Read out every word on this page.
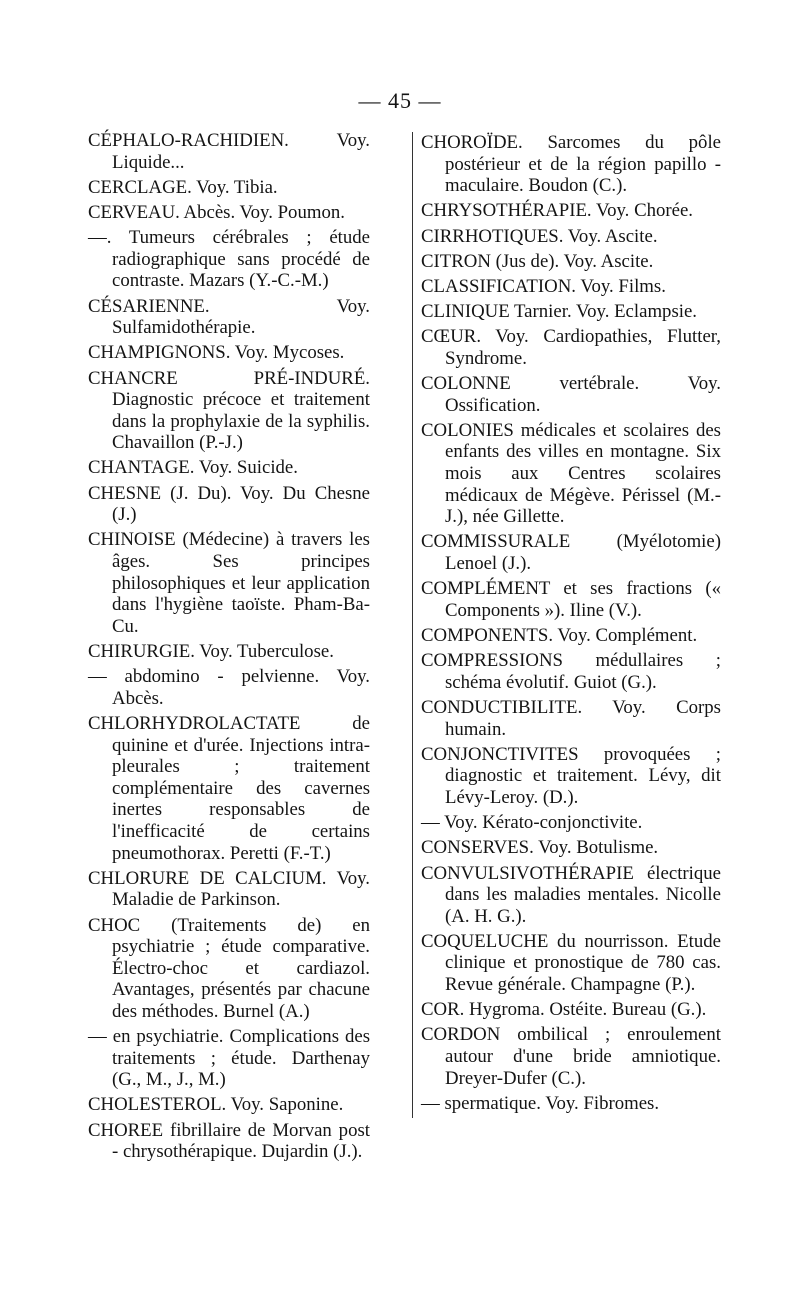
— 45 —

CÉPHALO-RACHIDIEN. Voy. Liquide...

CERCLAGE. Voy. Tibia.

CERVEAU. Abcès. Voy. Poumon.

—. Tumeurs cérébrales ; étude radiographique sans procédé de contraste. Mazars (Y.-C.-M.)

CÉSARIENNE. Voy. Sulfamidothérapie.

CHAMPIGNONS. Voy. Mycoses.

CHANCRE PRÉ-INDURÉ. Diagnostic précoce et traitement dans la prophylaxie de la syphilis. Chavaillon (P.-J.)

CHANTAGE. Voy. Suicide.

CHESNE (J. Du). Voy. Du Chesne (J.)

CHINOISE (Médecine) à travers les âges. Ses principes philosophiques et leur application dans l'hygiène taoïste. Pham-Ba-Cu.

CHIRURGIE. Voy. Tuberculose.

— abdomino - pelvienne. Voy. Abcès.

CHLORHYDROLACTATE de quinine et d'urée. Injections intra-pleurales ; traitement complémentaire des cavernes inertes responsables de l'inefficacité de certains pneumothorax. Peretti (F.-T.)

CHLORURE DE CALCIUM. Voy. Maladie de Parkinson.

CHOC (Traitements de) en psychiatrie ; étude comparative. Électro-choc et cardiazol. Avantages, présentés par chacune des méthodes. Burnel (A.)

— en psychiatrie. Complications des traitements ; étude. Darthenay (G., M., J., M.)

CHOLESTEROL. Voy. Saponine.

CHOREE fibrillaire de Morvan post - chrysothérapique. Dujardin (J.).

CHOROÏDE. Sarcomes du pôle postérieur et de la région papillo - maculaire. Boudon (C.).

CHRYSOTHÉRAPIE. Voy. Chorée.

CIRRHOTIQUES. Voy. Ascite.

CITRON (Jus de). Voy. Ascite.

CLASSIFICATION. Voy. Films.

CLINIQUE Tarnier. Voy. Eclampsie.

CŒUR. Voy. Cardiopathies, Flutter, Syndrome.

COLONNE vertébrale. Voy. Ossification.

COLONIES médicales et scolaires des enfants des villes en montagne. Six mois aux Centres scolaires médicaux de Mégève. Périssel (M.-J.), née Gillette.

COMMISSURALE (Myélotomie) Lenoel (J.).

COMPLÉMENT et ses fractions (« Components »). Iline (V.).

COMPONENTS. Voy. Complément.

COMPRESSIONS médullaires ; schéma évolutif. Guiot (G.).

CONDUCTIBILITE. Voy. Corps humain.

CONJONCTIVITES provoquées ; diagnostic et traitement. Lévy, dit Lévy-Leroy. (D.).

— Voy. Kérato-conjonctivite.

CONSERVES. Voy. Botulisme.

CONVULSIVOTHÉRAPIE électrique dans les maladies mentales. Nicolle (A. H. G.).

COQUELUCHE du nourrisson. Etude clinique et pronostique de 780 cas. Revue générale. Champagne (P.).

COR. Hygroma. Ostéite. Bureau (G.).

CORDON ombilical ; enroulement autour d'une bride amniotique. Dreyer-Dufer (C.).

— spermatique. Voy. Fibromes.
